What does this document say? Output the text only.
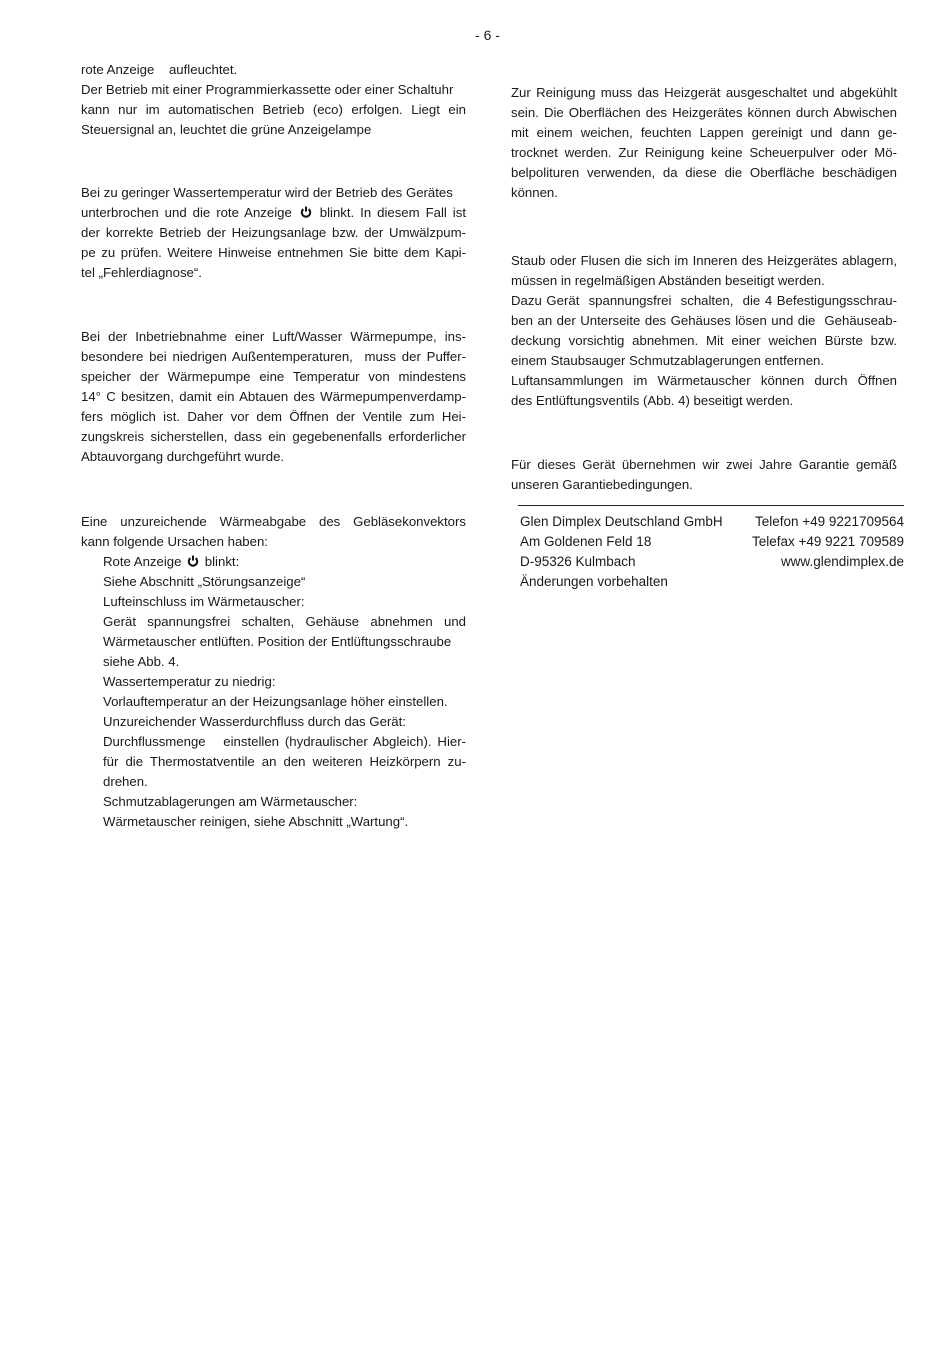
- 6 -
rote Anzeige    aufleuchtet.
Der Betrieb mit einer Programmierkassette oder einer Schaltuhr
kann nur im automatischen Betrieb (eco) erfolgen. Liegt ein
Steuersignal an, leuchtet die grüne Anzeigelampe
Bei zu geringer Wassertemperatur wird der Betrieb des Gerätes
unterbrochen und die rote Anzeige blinkt. In diesem Fall ist
der korrekte Betrieb der Heizungsanlage bzw. der Umwälzpum-
pe zu prüfen. Weitere Hinweise entnehmen Sie bitte dem Kapi-
tel „Fehlerdiagnose“.
Bei der Inbetriebnahme einer Luft/Wasser Wärmepumpe, ins-
besondere bei niedrigen Außentemperaturen,  muss der Puffer-
speicher der Wärmepumpe eine Temperatur von mindestens
14° C besitzen, damit ein Abtauen des Wärmepumpenverdamp-
fers möglich ist. Daher vor dem Öffnen der Ventile zum Hei-
zungskreis sicherstellen, dass ein gegebenenfalls erforderlicher
Abtauvorgang durchgeführt wurde.
Eine  unzureichende  Wärmeabgabe  des  Gebläsekonvektors
kann folgende Ursachen haben:
Rote Anzeige blinkt:
Siehe Abschnitt „Störungsanzeige“
Lufteinschluss im Wärmetauscher:
Gerät  spannungsfrei  schalten,  Gehäuse  abnehmen  und
Wärmetauscher entlüften. Position der Entlüftungsschraube
siehe Abb. 4.
Wassertemperatur zu niedrig:
Vorlauftemperatur an der Heizungsanlage höher einstellen.
Unzureichender Wasserdurchfluss durch das Gerät:
Durchflussmenge   einstellen (hydraulischer Abgleich). Hier-
für die Thermostatventile an den weiteren Heizkörpern zu-
drehen.
Schmutzablagerungen am Wärmetauscher:
Wärmetauscher reinigen, siehe Abschnitt „Wartung“.
Zur Reinigung muss das Heizgerät ausgeschaltet und abgekühlt
sein. Die Oberflächen des Heizgerätes können durch Abwischen
mit einem weichen, feuchten Lappen gereinigt und dann ge-
trocknet werden. Zur Reinigung keine Scheuerpulver oder Mö-
belpolituren verwenden, da diese die Oberfläche beschädigen
können.
Staub oder Flusen die sich im Inneren des Heizgerätes ablagern,
müssen in regelmäßigen Abständen beseitigt werden.
Dazu Gerät  spannungsfrei  schalten,  die 4 Befestigungsschrau-
ben an der Unterseite des Gehäuses lösen und die  Gehäuseab-
deckung vorsichtig abnehmen. Mit einer weichen Bürste bzw.
einem Staubsauger Schmutzablagerungen entfernen.
Luftansammlungen im Wärmetauscher können durch Öffnen
des Entlüftungsventils (Abb. 4) beseitigt werden.
Für dieses Gerät übernehmen wir zwei Jahre Garantie gemäß
unseren Garantiebedingungen.
Glen Dimplex Deutschland GmbH Telefon +49 9221709564
Am Goldenen Feld 18	Telefax +49 9221 709589
D-95326 Kulmbach	www.glendimplex.de
Änderungen vorbehalten
